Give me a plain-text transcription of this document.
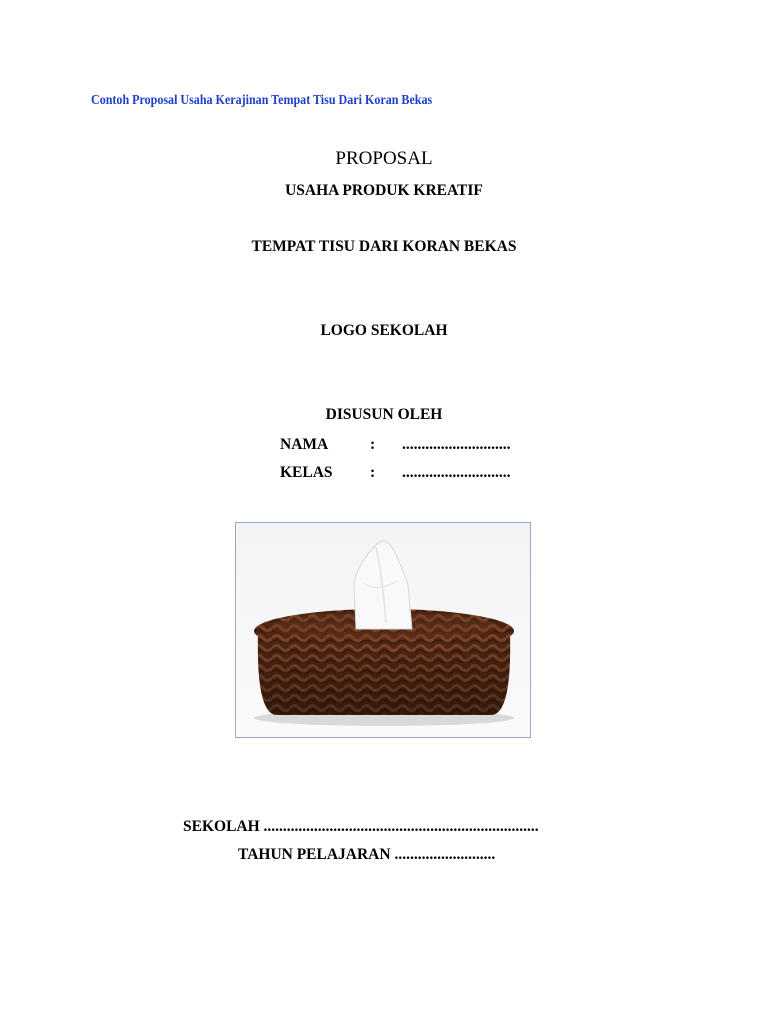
Contoh Proposal Usaha Kerajinan Tempat Tisu Dari Koran Bekas
PROPOSAL
USAHA PRODUK KREATIF
TEMPAT TISU DARI KORAN BEKAS
LOGO SEKOLAH
DISUSUN OLEH
NAMA	: ............................
KELAS : ............................
SEKOLAH .......................................................................
TAHUN PELAJARAN ..........................
